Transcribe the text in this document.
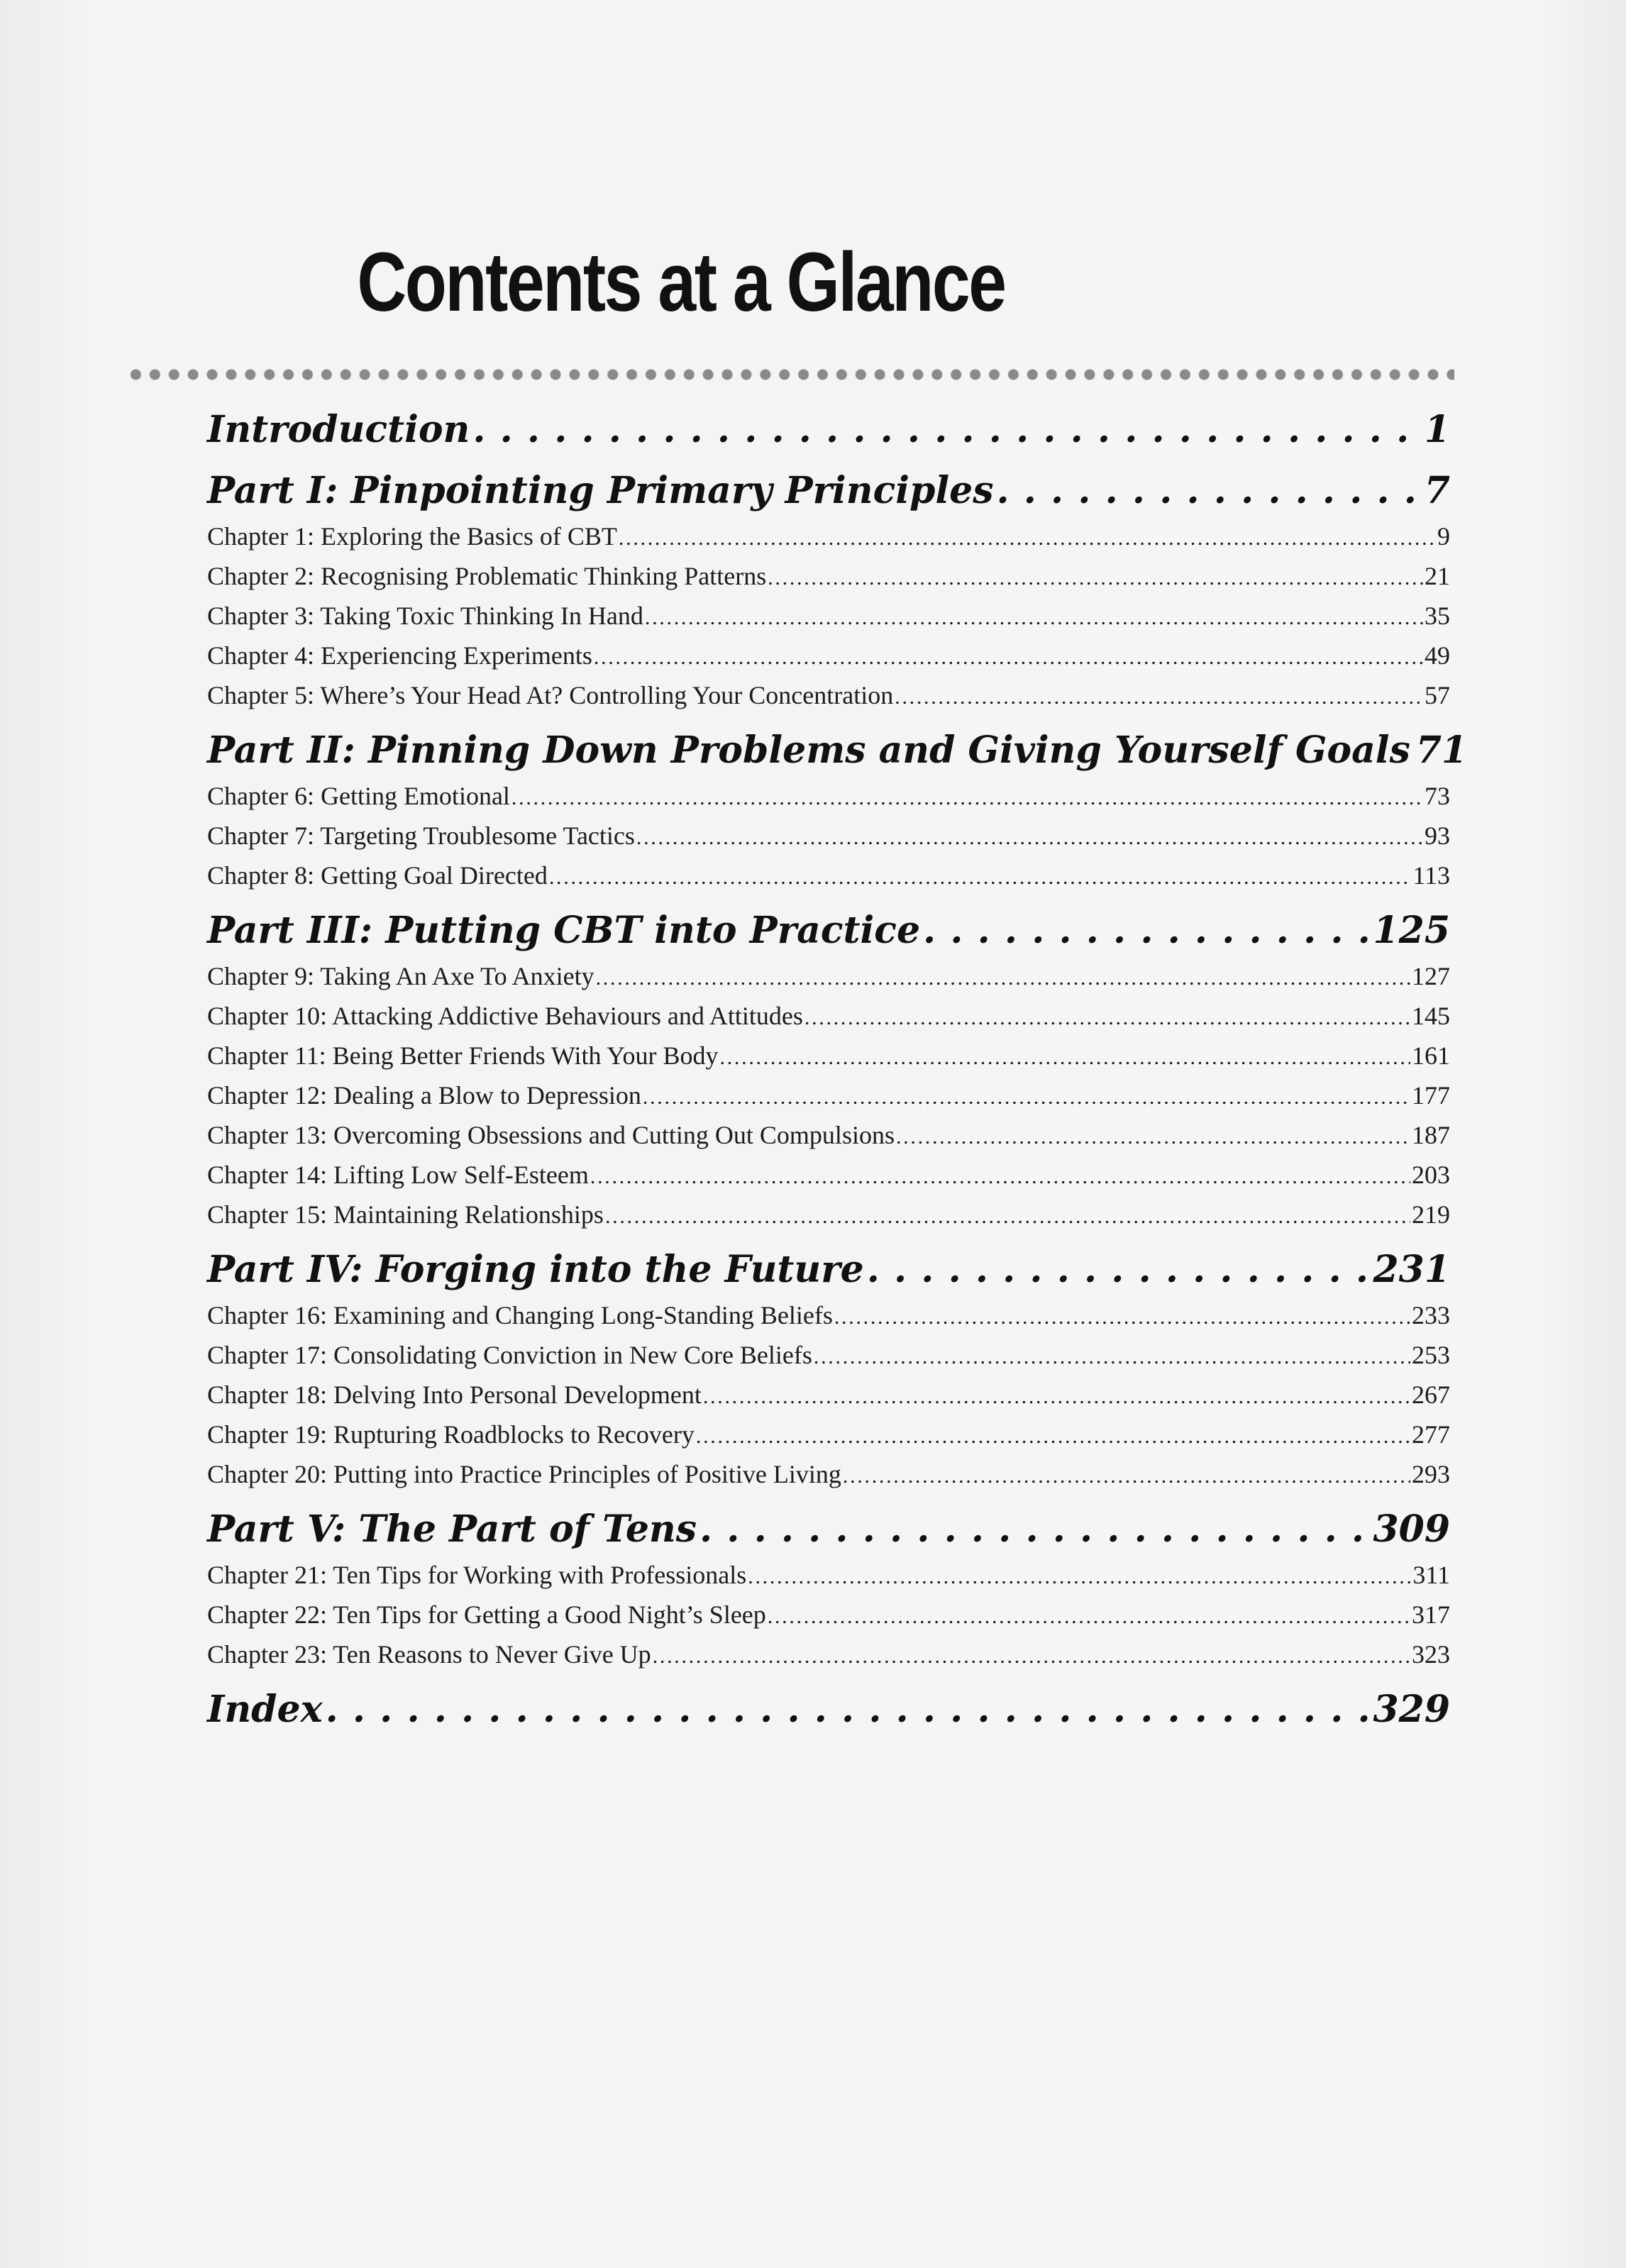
Contents at a Glance
Introduction . . .	1
Part I: Pinpointing Primary Principles . . .	7
Chapter 1: Exploring the Basics of CBT . . .	9
Chapter 2: Recognising Problematic Thinking Patterns . . .	21
Chapter 3: Taking Toxic Thinking In Hand . . .	35
Chapter 4: Experiencing Experiments . . .	49
Chapter 5: Where’s Your Head At? Controlling Your Concentration . . .	57
Part II: Pinning Down Problems and Giving Yourself Goals 71
Chapter 6: Getting Emotional . . .	73
Chapter 7: Targeting Troublesome Tactics . . .	93
Chapter 8: Getting Goal Directed . . .	113
Part III: Putting CBT into Practice . . .	125
Chapter 9: Taking An Axe To Anxiety . . .	127
Chapter 10: Attacking Addictive Behaviours and Attitudes . . .	145
Chapter 11: Being Better Friends With Your Body . . .	161
Chapter 12: Dealing a Blow to Depression . . .	177
Chapter 13: Overcoming Obsessions and Cutting Out Compulsions . . .	187
Chapter 14: Lifting Low Self-Esteem . . .	203
Chapter 15: Maintaining Relationships . . .	219
Part IV: Forging into the Future . . .	231
Chapter 16: Examining and Changing Long-Standing Beliefs . . .	233
Chapter 17: Consolidating Conviction in New Core Beliefs . . .	253
Chapter 18: Delving Into Personal Development . . .	267
Chapter 19: Rupturing Roadblocks to Recovery . . .	277
Chapter 20: Putting into Practice Principles of Positive Living . . .	293
Part V: The Part of Tens . . .	309
Chapter 21: Ten Tips for Working with Professionals . . .	311
Chapter 22: Ten Tips for Getting a Good Night’s Sleep . . .	317
Chapter 23: Ten Reasons to Never Give Up . . .	323
Index . . .	329
